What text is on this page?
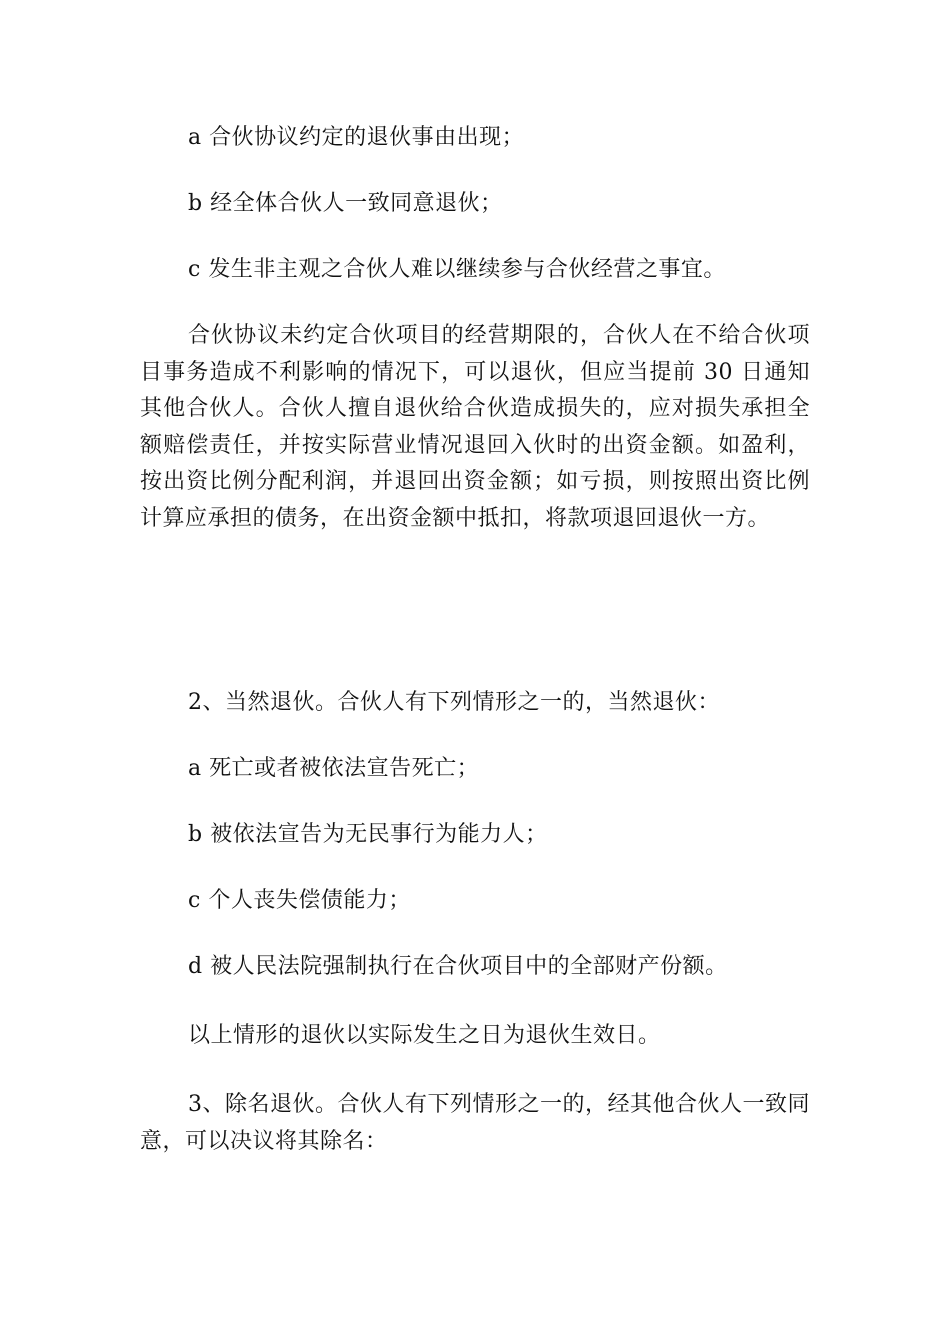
a 合伙协议约定的退伙事由出现；

b 经全体合伙人一致同意退伙；

c 发生非主观之合伙人难以继续参与合伙经营之事宜。

合伙协议未约定合伙项目的经营期限的，合伙人在不给合伙项目事务造成不利影响的情况下，可以退伙，但应当提前 30 日通知其他合伙人。合伙人擅自退伙给合伙造成损失的，应对损失承担全额赔偿责任，并按实际营业情况退回入伙时的出资金额。如盈利，按出资比例分配利润，并退回出资金额；如亏损，则按照出资比例计算应承担的债务，在出资金额中抵扣，将款项退回退伙一方。

2、当然退伙。合伙人有下列情形之一的，当然退伙：

a 死亡或者被依法宣告死亡；

b 被依法宣告为无民事行为能力人；

c 个人丧失偿债能力；

d 被人民法院强制执行在合伙项目中的全部财产份额。

以上情形的退伙以实际发生之日为退伙生效日。

3、除名退伙。合伙人有下列情形之一的，经其他合伙人一致同意，可以决议将其除名：
